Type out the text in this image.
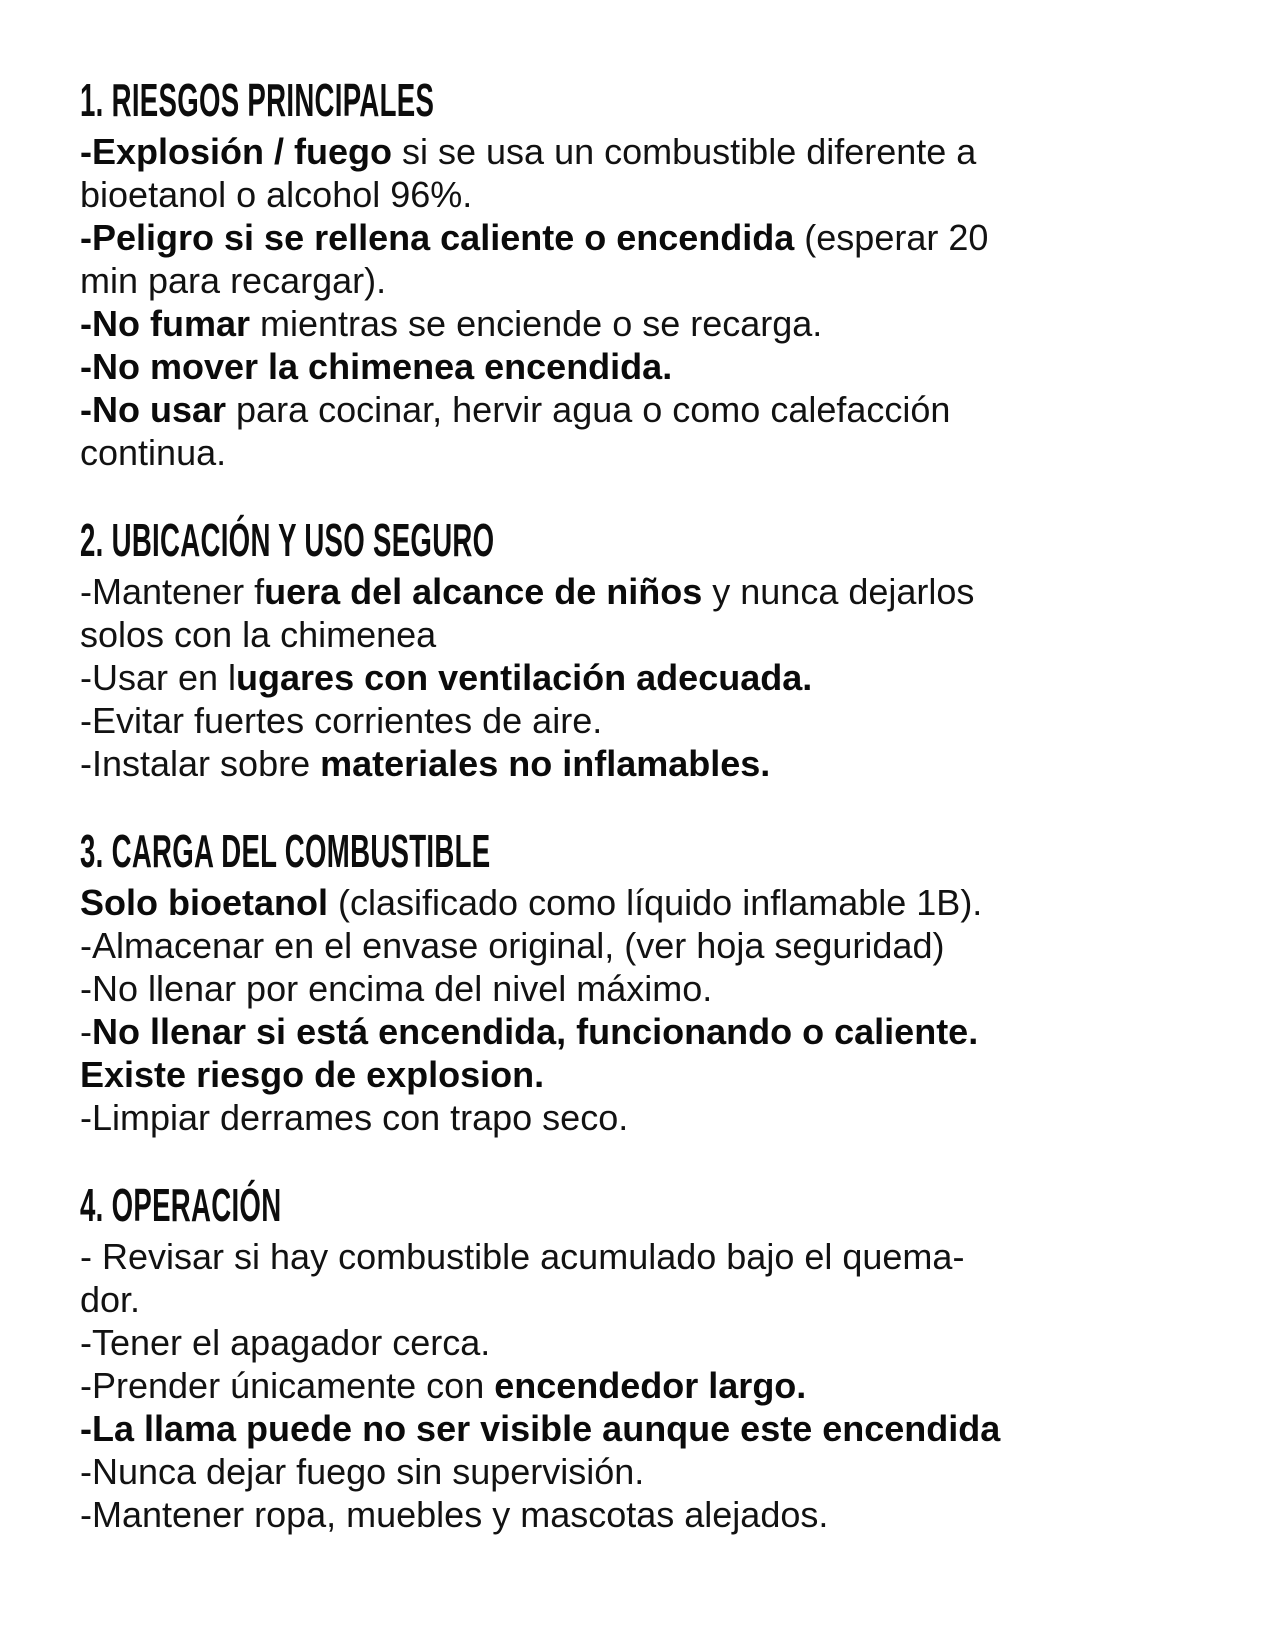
1. RIESGOS PRINCIPALES
-Explosión / fuego si se usa un combustible diferente a
bioetanol o alcohol 96%.
-Peligro si se rellena caliente o encendida (esperar 20
min para recargar).
-No fumar mientras se enciende o se recarga.
-No mover la chimenea encendida.
-No usar para cocinar, hervir agua o como calefacción
continua.
2. UBICACIÓN Y USO SEGURO
-Mantener fuera del alcance de niños y nunca dejarlos
solos con la chimenea
-Usar en lugares con ventilación adecuada.
-Evitar fuertes corrientes de aire.
-Instalar sobre materiales no inflamables.
3. CARGA DEL COMBUSTIBLE
Solo bioetanol (clasificado como líquido inflamable 1B).
-Almacenar en el envase original, (ver hoja seguridad)
-No llenar por encima del nivel máximo.
-No llenar si está encendida, funcionando o caliente.
Existe riesgo de explosion.
-Limpiar derrames con trapo seco.
4. OPERACIÓN
- Revisar si hay combustible acumulado bajo el quema-
dor.
-Tener el apagador cerca.
-Prender únicamente con encendedor largo.
-La llama puede no ser visible aunque este encendida
-Nunca dejar fuego sin supervisión.
-Mantener ropa, muebles y mascotas alejados.
